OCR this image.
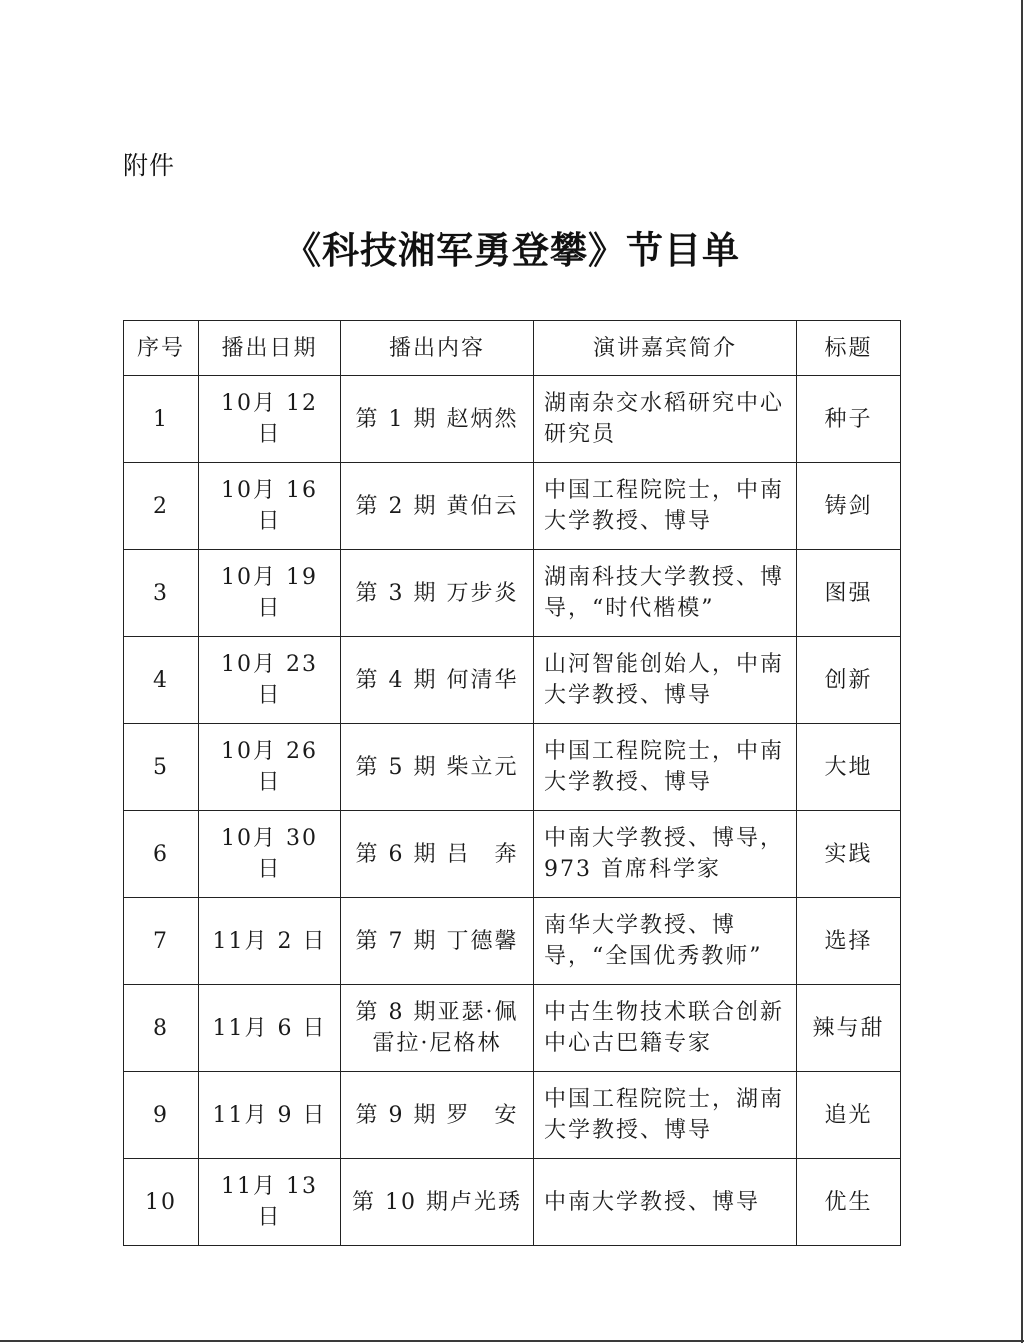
附件
《科技湘军勇登攀》节目单
序号	播出日期	播出内容	演讲嘉宾简介	标题
1	10月 12 日	第 1 期 赵炳然	湖南杂交水稻研究中心研究员	种子
2	10月 16 日	第 2 期 黄伯云	中国工程院院士，中南大学教授、博导	铸剑
3	10月 19 日	第 3 期 万步炎	湖南科技大学教授、博导，“时代楷模”	图强
4	10月 23 日	第 4 期 何清华	山河智能创始人，中南大学教授、博导	创新
5	10月 26 日	第 5 期 柴立元	中国工程院院士，中南大学教授、博导	大地
6	10月 30 日	第 6 期 吕　奔	中南大学教授、博导，973 首席科学家	实践
7	11月 2 日	第 7 期 丁德馨	南华大学教授、博导，“全国优秀教师”	选择
8	11月 6 日	第 8 期亚瑟·佩雷拉·尼格林	中古生物技术联合创新中心古巴籍专家	辣与甜
9	11月 9 日	第 9 期 罗　安	中国工程院院士，湖南大学教授、博导	追光
10	11月 13 日	第 10 期卢光琇	中南大学教授、博导	优生
